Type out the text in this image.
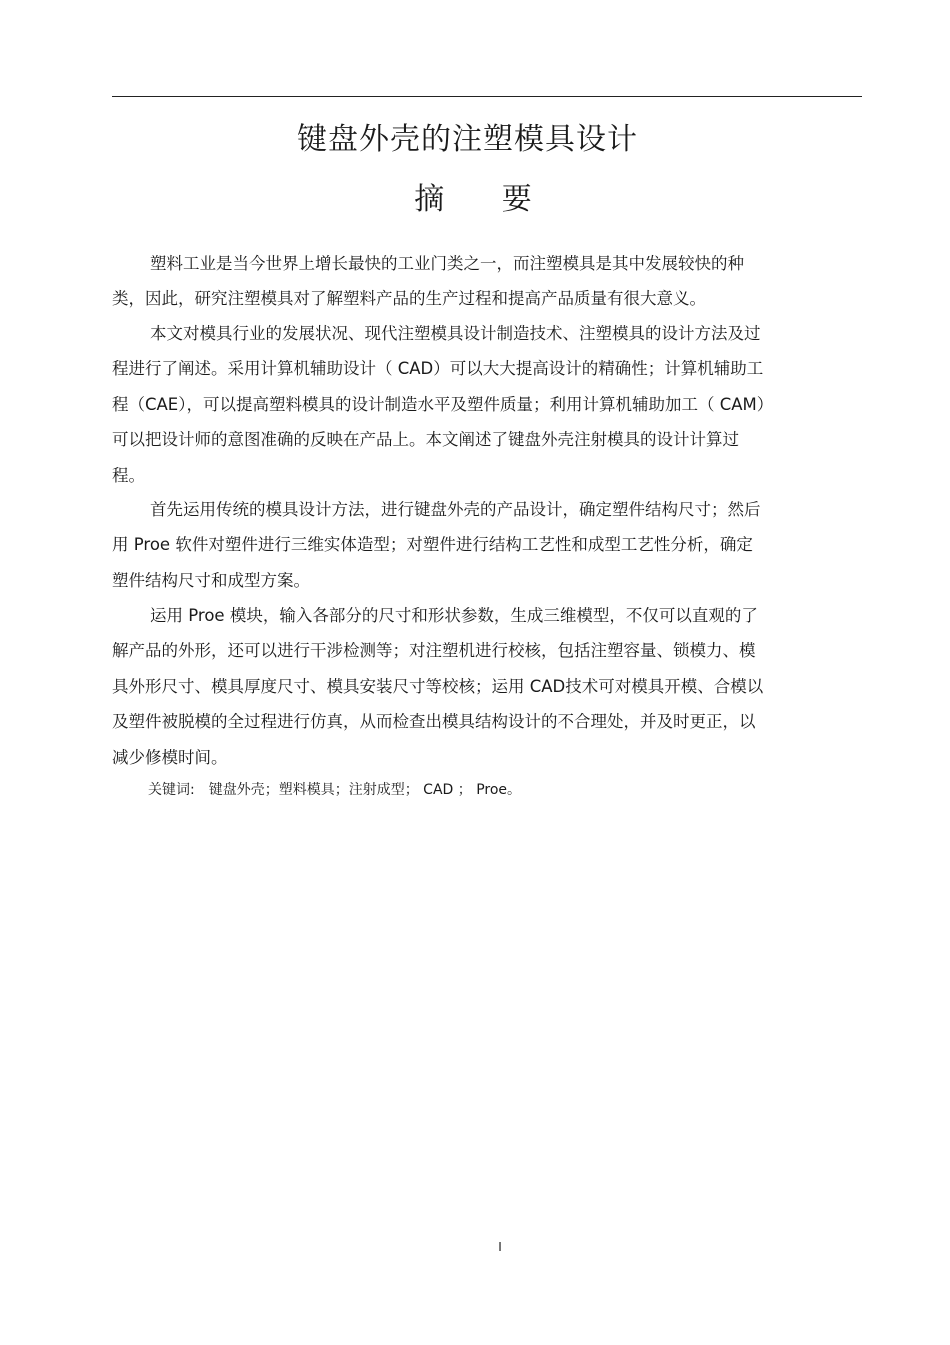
键盘外壳的注塑模具设计
摘 要
塑料工业是当今世界上增长最快的工业门类之一，而注塑模具是其中发展较快的种
类，因此，研究注塑模具对了解塑料产品的生产过程和提高产品质量有很大意义。
本文对模具行业的发展状况、现代注塑模具设计制造技术、注塑模具的设计方法及过
程进行了阐述。采用计算机辅助设计（ CAD）可以大大提高设计的精确性；计算机辅助工
程（CAE），可以提高塑料模具的设计制造水平及塑件质量；利用计算机辅助加工（ CAM）
可以把设计师的意图准确的反映在产品上。本文阐述了键盘外壳注射模具的设计计算过
程。
首先运用传统的模具设计方法，进行键盘外壳的产品设计，确定塑件结构尺寸；然后
用 Proe 软件对塑件进行三维实体造型；对塑件进行结构工艺性和成型工艺性分析，确定
塑件结构尺寸和成型方案。
运用 Proe 模块，输入各部分的尺寸和形状参数，生成三维模型，不仅可以直观的了
解产品的外形，还可以进行干涉检测等；对注塑机进行校核，包括注塑容量、锁模力、模
具外形尺寸、模具厚度尺寸、模具安装尺寸等校核；运用 CAD技术可对模具开模、合模以
及塑件被脱模的全过程进行仿真，从而检查出模具结构设计的不合理处，并及时更正，以
减少修模时间。
关键词: 键盘外壳；塑料模具；注射成型； CAD ； Proe。
I
